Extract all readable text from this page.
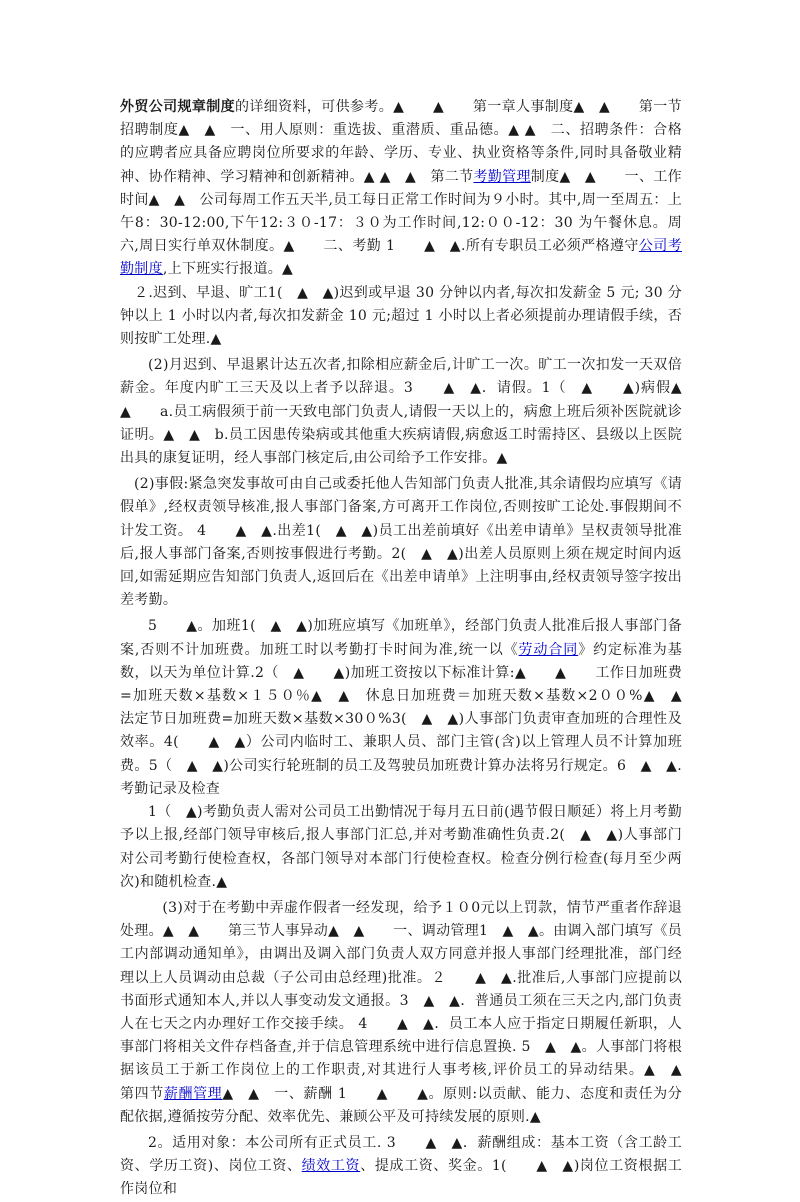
外贸公司规章制度的详细资料，可供参考。▲　　▲　　第一章人事制度▲　▲　　第一节招聘制度▲　▲　一、用人原则：重选拔、重潜质、重品德。▲ ▲　二、招聘条件：合格的应聘者应具备应聘岗位所要求的年龄、学历、专业、执业资格等条件,同时具备敬业精神、协作精神、学习精神和创新精神。▲ ▲　▲　第二节考勤管理制度▲　▲　　一、工作时间▲　▲　公司每周工作五天半,员工每日正常工作时间为９小时。其中,周一至周五：上午8：30-12:00,下午12:３０-17：３０为工作时间,12:００-12：30 为午餐休息。周六,周日实行单双休制度。▲　　二、考勤 1　　▲　▲.所有专职员工必须严格遵守公司考勤制度,上下班实行报道。▲

２.迟到、早退、旷工1(　▲　▲)迟到或早退 30 分钟以内者,每次扣发薪金 5 元; 30 分钟以上 1 小时以内者,每次扣发薪金 10 元;超过 1 小时以上者必须提前办理请假手续，否则按旷工处理.▲

(2)月迟到、早退累计达五次者,扣除相应薪金后,计旷工一次。旷工一次扣发一天双倍薪金。年度内旷工三天及以上者予以辞退。3　　▲　▲．请假。1（　▲　　▲)病假▲　　▲　　a.员工病假须于前一天致电部门负责人,请假一天以上的，病愈上班后须补医院就诊证明。▲　▲　b.员工因患传染病或其他重大疾病请假,病愈返工时需持区、县级以上医院出具的康复证明，经人事部门核定后,由公司给予工作安排。▲

(2)事假:紧急突发事故可由自己或委托他人告知部门负责人批准,其余请假均应填写《请假单》,经权责领导核准,报人事部门备案,方可离开工作岗位,否则按旷工论处.事假期间不计发工资。 4　　▲　▲.出差1(　▲　▲)员工出差前填好《出差申请单》呈权责领导批准后,报人事部门备案,否则按事假进行考勤。2(　▲　▲)出差人员原则上须在规定时间内返回,如需延期应告知部门负责人,返回后在《出差申请单》上注明事由,经权责领导签字按出差考勤。

5　　▲。加班1(　▲　▲)加班应填写《加班单》，经部门负责人批准后报人事部门备案,否则不计加班费。加班工时以考勤打卡时间为准,统一以《劳动合同》约定标准为基数，以天为单位计算.2（　▲　　▲)加班工资按以下标准计算:▲　　▲　　工作日加班费=加班天数×基数×１５０％▲　▲　休息日加班费＝加班天数×基数×2００%▲　▲　　法定节日加班费=加班天数×基数×30０%3(　▲　▲)人事部门负责审查加班的合理性及效率。4(　　▲　▲）公司内临时工、兼职人员、部门主管(含)以上管理人员不计算加班费。5（　▲　▲)公司实行轮班制的员工及驾驶员加班费计算办法将另行规定。6　▲　▲.考勤记录及检查

1（　▲)考勤负责人需对公司员工出勤情况于每月五日前(遇节假日顺延）将上月考勤予以上报,经部门领导审核后,报人事部门汇总,并对考勤准确性负责.2(　▲　▲)人事部门对公司考勤行使检查权，各部门领导对本部门行使检查权。检查分例行检查(每月至少两次)和随机检查.▲

　(3)对于在考勤中弄虚作假者一经发现，给予１０0元以上罚款，情节严重者作辞退处理。▲　▲　　第三节人事异动▲　▲　　一、调动管理1　▲　▲。由调入部门填写《员工内部调动通知单》，由调出及调入部门负责人双方同意并报人事部门经理批准，部门经理以上人员调动由总裁（子公司由总经理)批准。２　　▲　▲.批准后,人事部门应提前以书面形式通知本人,并以人事变动发文通报。3　▲　▲．普通员工须在三天之内,部门负责人在七天之内办理好工作交接手续。 4　　▲　▲．员工本人应于指定日期履任新职，人事部门将相关文件存档备查,并于信息管理系统中进行信息置换. 5　▲　▲。人事部门将根据该员工于新工作岗位上的工作职责,对其进行人事考核,评价员工的异动结果。▲　▲　　第四节薪酬管理▲　▲　一、薪酬 1　　▲　　▲。原则:以贡献、能力、态度和责任为分配依据,遵循按劳分配、效率优先、兼顾公平及可持续发展的原则.▲

2。适用对象：本公司所有正式员工. 3　　▲　▲．薪酬组成：基本工资（含工龄工资、学历工资)、岗位工资、绩效工资、提成工资、奖金。1(　　▲　▲)岗位工资根据工作岗位和
